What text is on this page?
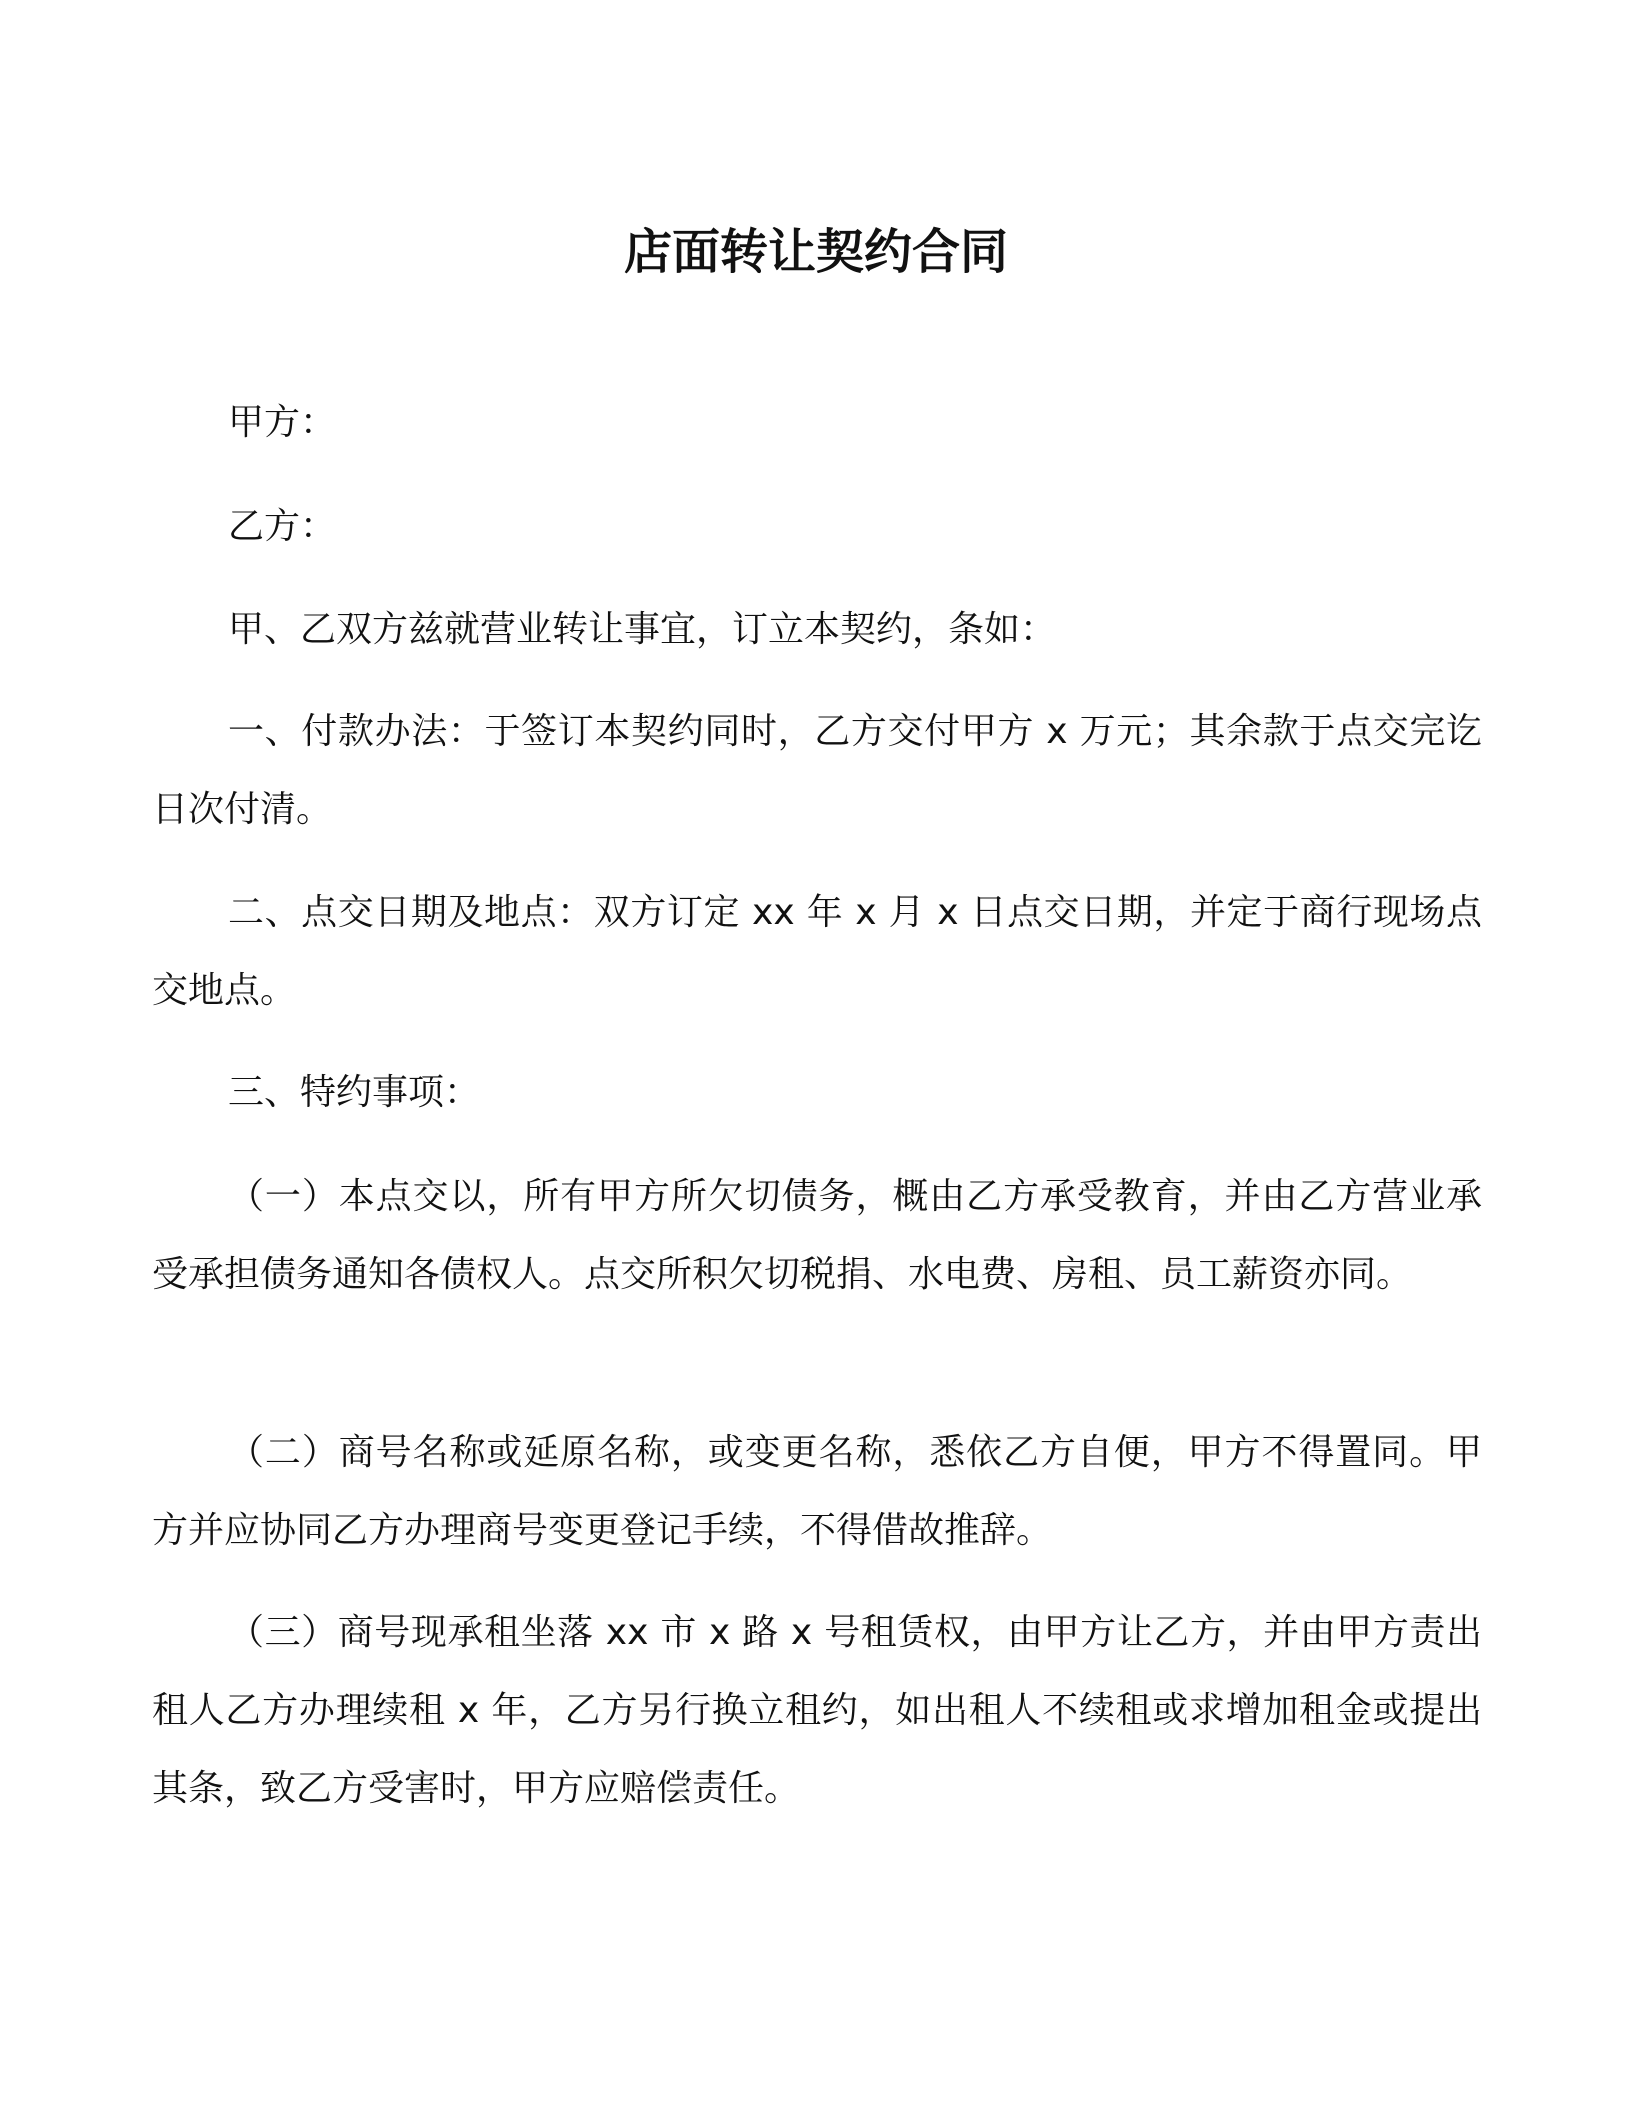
店面转让契约合同

甲方：

乙方：

甲、乙双方兹就营业转让事宜，订立本契约，条如：

一、付款办法：于签订本契约同时，乙方交付甲方 x 万元；其余款于点交完讫日次付清。

二、点交日期及地点：双方订定 xx 年 x 月 x 日点交日期，并定于商行现场点交地点。

三、特约事项：

（一）本点交以，所有甲方所欠切债务，概由乙方承受教育，并由乙方营业承受承担债务通知各债权人。点交所积欠切税捐、水电费、房租、员工薪资亦同。

（二）商号名称或延原名称，或变更名称，悉依乙方自便，甲方不得置同。甲方并应协同乙方办理商号变更登记手续，不得借故推辞。

（三）商号现承租坐落 xx 市 x 路 x 号租赁权，由甲方让乙方，并由甲方责出租人乙方办理续租 x 年，乙方另行换立租约，如出租人不续租或求增加租金或提出其条，致乙方受害时，甲方应赔偿责任。
